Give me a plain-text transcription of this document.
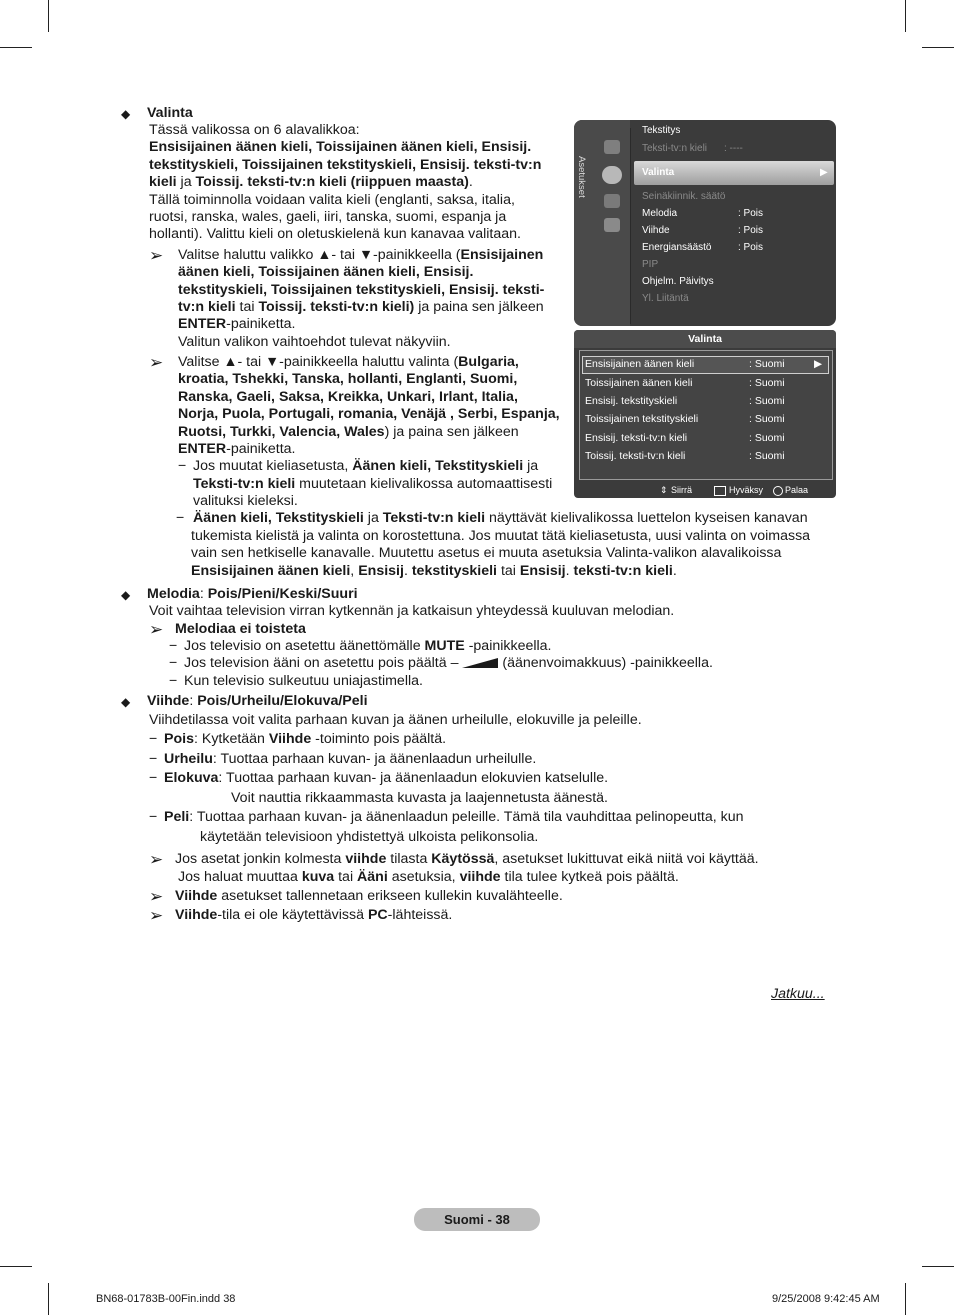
◆ Valinta
Tässä valikossa on 6 alavalikkoa:
Ensisijainen äänen kieli, Toissijainen äänen kieli, Ensisij.
tekstityskieli, Toissijainen tekstityskieli, Ensisij. teksti-tv:n
kieli ja Toissij. teksti-tv:n kieli (riippuen maasta).
Tällä toiminnolla voidaan valita kieli (englanti, saksa, italia,
ruotsi, ranska, wales, gaeli, iiri, tanska, suomi, espanja ja
hollanti). Valittu kieli on oletuskielenä kun kanavaa valitaan.
➢ Valitse haluttu valikko ▲- tai ▼-painikkeella (Ensisijainen
äänen kieli, Toissijainen äänen kieli, Ensisij.
tekstityskieli, Toissijainen tekstityskieli, Ensisij. teksti-
tv:n kieli tai Toissij. teksti-tv:n kieli) ja paina sen jälkeen
ENTER-painiketta.
Valitun valikon vaihtoehdot tulevat näkyviin.
➢ Valitse ▲- tai ▼-painikkeella haluttu valinta (Bulgaria,
kroatia, Tshekki, Tanska, hollanti, Englanti, Suomi,
Ranska, Gaeli, Saksa, Kreikka, Unkari, Irlant, Italia,
Norja, Puola, Portugali, romania, Venäjä , Serbi, Espanja,
Ruotsi, Turkki, Valencia, Wales) ja paina sen jälkeen
ENTER-painiketta.
− Jos muutat kieliasetusta, Äänen kieli, Tekstityskieli ja
Teksti-tv:n kieli muutetaan kielivalikossa automaattisesti
valituksi kieleksi.
− Äänen kieli, Tekstityskieli ja Teksti-tv:n kieli näyttävät kielivalikossa luettelon kyseisen kanavan
tukemista kielistä ja valinta on korostettuna. Jos muutat tätä kieliasetusta, uusi valinta on voimassa
vain sen hetkiselle kanavalle. Muutettu asetus ei muuta asetuksia Valinta-valikon alavalikoissa
Ensisijainen äänen kieli, Ensisij. tekstityskieli tai Ensisij. teksti-tv:n kieli.
◆ Melodia: Pois/Pieni/Keski/Suuri
Voit vaihtaa television virran kytkennän ja katkaisun yhteydessä kuuluvan melodian.
➢ Melodiaa ei toisteta
− Jos televisio on asetettu äänettömälle MUTE -painikkeella.
− Jos television ääni on asetettu pois päältä –	(äänenvoimakkuus) -painikkeella.
− Kun televisio sulkeutuu uniajastimella.
◆ Viihde: Pois/Urheilu/Elokuva/Peli
Viihdetilassa voit valita parhaan kuvan ja äänen urheilulle, elokuville ja peleille.
− Pois: Kytketään Viihde -toiminto pois päältä.
− Urheilu: Tuottaa parhaan kuvan- ja äänenlaadun urheilulle.
− Elokuva: Tuottaa parhaan kuvan- ja äänenlaadun elokuvien katselulle.
Voit nauttia rikkaammasta kuvasta ja laajennetusta äänestä.
− Peli: Tuottaa parhaan kuvan- ja äänenlaadun peleille. Tämä tila vauhdittaa pelinopeutta, kun
käytetään televisioon yhdistettyä ulkoista pelikonsolia.
➢ Jos asetat jonkin kolmesta viihde tilasta Käytössä, asetukset lukittuvat eikä niitä voi käyttää.
Jos haluat muuttaa kuva tai Ääni asetuksia, viihde tila tulee kytkeä pois päältä.
➢ Viihde asetukset tallennetaan erikseen kullekin kuvalähteelle.
➢ Viihde-tila ei ole käytettävissä PC-lähteissä.
Jatkuu...
Asetukset
Tekstitys
Teksti-tv:n kieli : ----
Valinta	▶
Seinäkiinnik. säätö
Melodia	: Pois
Viihde	: Pois
Energiansäästö	: Pois
PIP
Ohjelm. Päivitys
Yl. Liitäntä
Valinta
Ensisijainen äänen kieli	: Suomi	▶
Toissijainen äänen kieli	: Suomi
Ensisij. tekstityskieli	: Suomi
Toissijainen tekstityskieli	: Suomi
Ensisij. teksti-tv:n kieli	: Suomi
Toissij. teksti-tv:n kieli	: Suomi
⇕ Siirrä	Hyväksy Palaa
Suomi - 38
BN68-01783B-00Fin.indd 38	9/25/2008 9:42:45 AM
